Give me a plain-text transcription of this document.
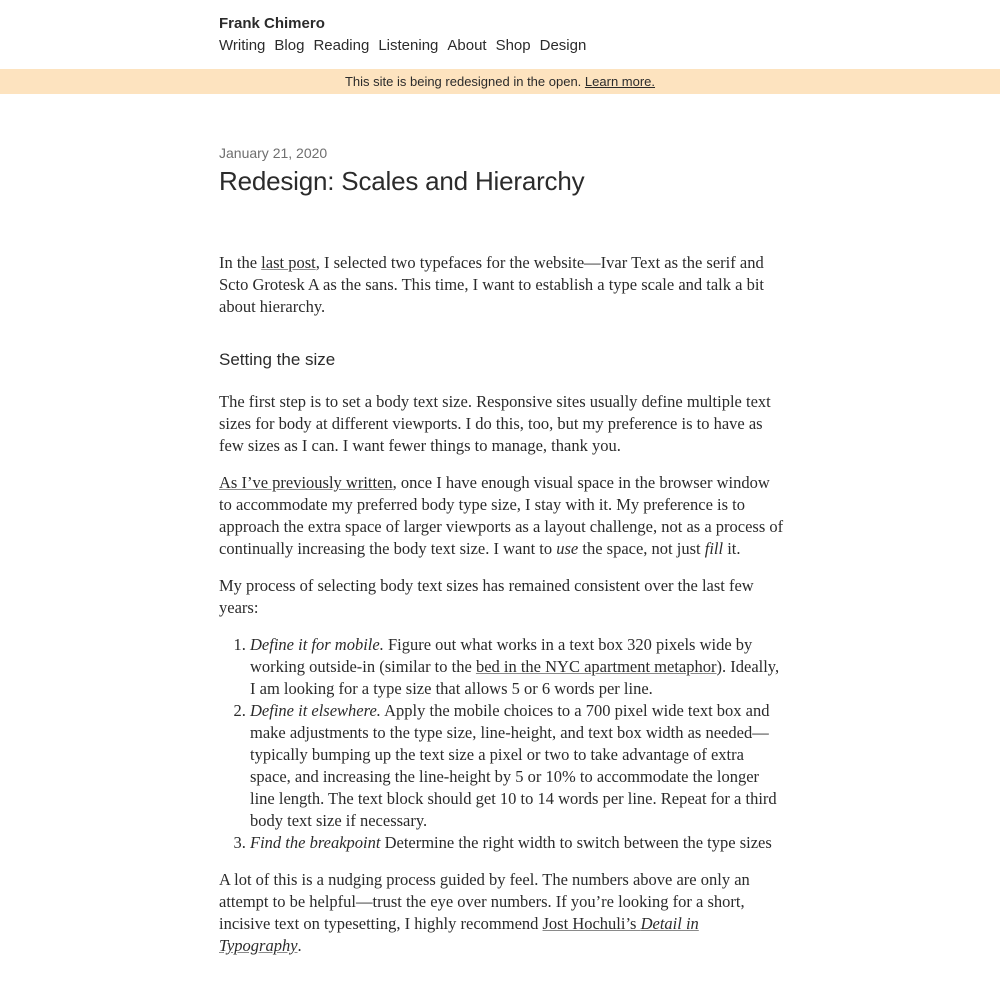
Frank Chimero
Writing Blog Reading Listening About Shop Design
This site is being redesigned in the open. Learn more.
January 21, 2020
Redesign: Scales and Hierarchy

In the last post, I selected two typefaces for the website—Ivar Text as the serif and Scto Grotesk A as the sans. This time, I want to establish a type scale and talk a bit about hierarchy.

Setting the size

The first step is to set a body text size. Responsive sites usually define multiple text sizes for body at different viewports. I do this, too, but my preference is to have as few sizes as I can. I want fewer things to manage, thank you.

As I’ve previously written, once I have enough visual space in the browser window to accommodate my preferred body type size, I stay with it. My preference is to approach the extra space of larger viewports as a layout challenge, not as a process of continually increasing the body text size. I want to use the space, not just fill it.

My process of selecting body text sizes has remained consistent over the last few years:

1. Define it for mobile. Figure out what works in a text box 320 pixels wide by working outside-in (similar to the bed in the NYC apartment metaphor). Ideally, I am looking for a type size that allows 5 or 6 words per line.
2. Define it elsewhere. Apply the mobile choices to a 700 pixel wide text box and make adjustments to the type size, line-height, and text box width as needed—typically bumping up the text size a pixel or two to take advantage of extra space, and increasing the line-height by 5 or 10% to accommodate the longer line length. The text block should get 10 to 14 words per line. Repeat for a third body text size if necessary.
3. Find the breakpoint Determine the right width to switch between the type sizes

A lot of this is a nudging process guided by feel. The numbers above are only an attempt to be helpful—trust the eye over numbers. If you’re looking for a short, incisive text on typesetting, I highly recommend Jost Hochuli’s Detail in Typography.
